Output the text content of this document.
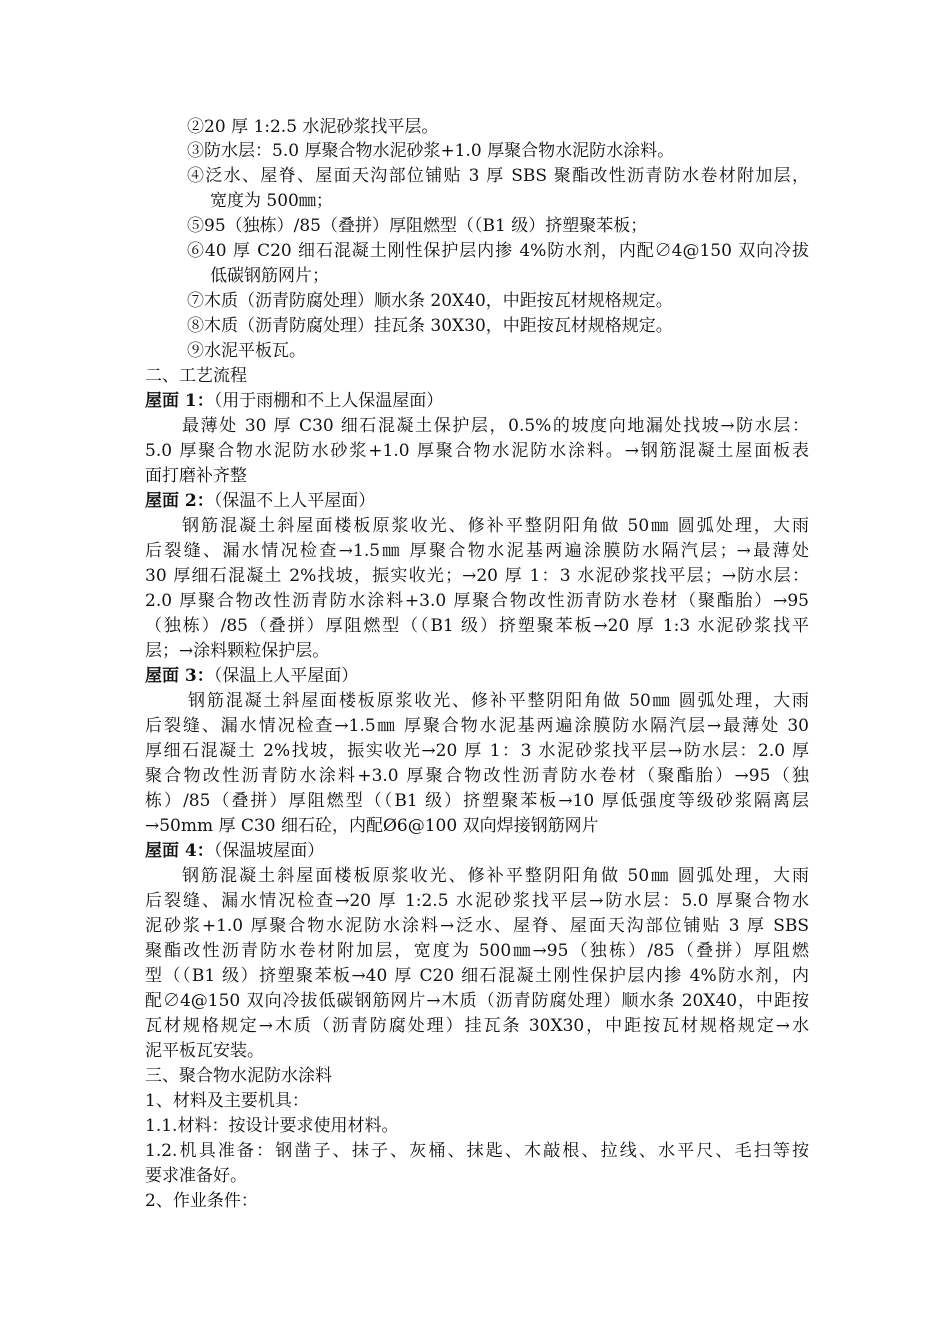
②20 厚 1:2.5 水泥砂浆找平层。

③防水层：5.0 厚聚合物水泥砂浆+1.0 厚聚合物水泥防水涂料。

④泛水、屋脊、屋面天沟部位铺贴 3 厚 SBS 聚酯改性沥青防水卷材附加层，

宽度为 500㎜；

⑤95（独栋）/85（叠拼）厚阻燃型（（B1 级）挤塑聚苯板；

⑥40 厚 C20 细石混凝土刚性保护层内掺 4%防水剂，内配∅4@150 双向冷拔

低碳钢筋网片；

⑦木质（沥青防腐处理）顺水条 20X40，中距按瓦材规格规定。

⑧木质（沥青防腐处理）挂瓦条 30X30，中距按瓦材规格规定。

⑨水泥平板瓦。

二、工艺流程

屋面 1：（用于雨棚和不上人保温屋面）

最薄处 30 厚 C30 细石混凝土保护层，0.5%的坡度向地漏处找坡→防水层：

5.0 厚聚合物水泥防水砂浆+1.0 厚聚合物水泥防水涂料。→钢筋混凝土屋面板表

面打磨补齐整

屋面 2：（保温不上人平屋面）

钢筋混凝土斜屋面楼板原浆收光、修补平整阴阳角做 50㎜ 圆弧处理，大雨

后裂缝、漏水情况检查→1.5㎜ 厚聚合物水泥基两遍涂膜防水隔汽层；→最薄处

30 厚细石混凝土 2%找坡，振实收光；→20 厚 1：3 水泥砂浆找平层；→防水层：

2.0 厚聚合物改性沥青防水涂料+3.0 厚聚合物改性沥青防水卷材（聚酯胎）→95

（独栋）/85（叠拼）厚阻燃型（（B1 级）挤塑聚苯板→20 厚 1:3 水泥砂浆找平

层；→涂料颗粒保护层。

屋面 3：（保温上人平屋面）

钢筋混凝土斜屋面楼板原浆收光、修补平整阴阳角做 50㎜ 圆弧处理，大雨

后裂缝、漏水情况检查→1.5㎜ 厚聚合物水泥基两遍涂膜防水隔汽层→最薄处 30

厚细石混凝土 2%找坡，振实收光→20 厚 1：3 水泥砂浆找平层→防水层：2.0 厚

聚合物改性沥青防水涂料+3.0 厚聚合物改性沥青防水卷材（聚酯胎）→95（独

栋）/85（叠拼）厚阻燃型（（B1 级）挤塑聚苯板→10 厚低强度等级砂浆隔离层

→50mm 厚 C30 细石砼，内配Ø6@100 双向焊接钢筋网片

屋面 4：（保温坡屋面）

钢筋混凝土斜屋面楼板原浆收光、修补平整阴阳角做 50㎜ 圆弧处理，大雨

后裂缝、漏水情况检查→20 厚 1:2.5 水泥砂浆找平层→防水层：5.0 厚聚合物水

泥砂浆+1.0 厚聚合物水泥防水涂料→泛水、屋脊、屋面天沟部位铺贴 3 厚 SBS

聚酯改性沥青防水卷材附加层，宽度为 500㎜→95（独栋）/85（叠拼）厚阻燃

型（（B1 级）挤塑聚苯板→40 厚 C20 细石混凝土刚性保护层内掺 4%防水剂，内

配∅4@150 双向冷拔低碳钢筋网片→木质（沥青防腐处理）顺水条 20X40，中距按

瓦材规格规定→木质（沥青防腐处理）挂瓦条 30X30，中距按瓦材规格规定→水

泥平板瓦安装。

三、聚合物水泥防水涂料

1、材料及主要机具：

1.1.材料：按设计要求使用材料。

1.2.机具准备：钢凿子、抹子、灰桶、抹匙、木敲根、拉线、水平尺、毛扫等按

要求准备好。

2、作业条件：
